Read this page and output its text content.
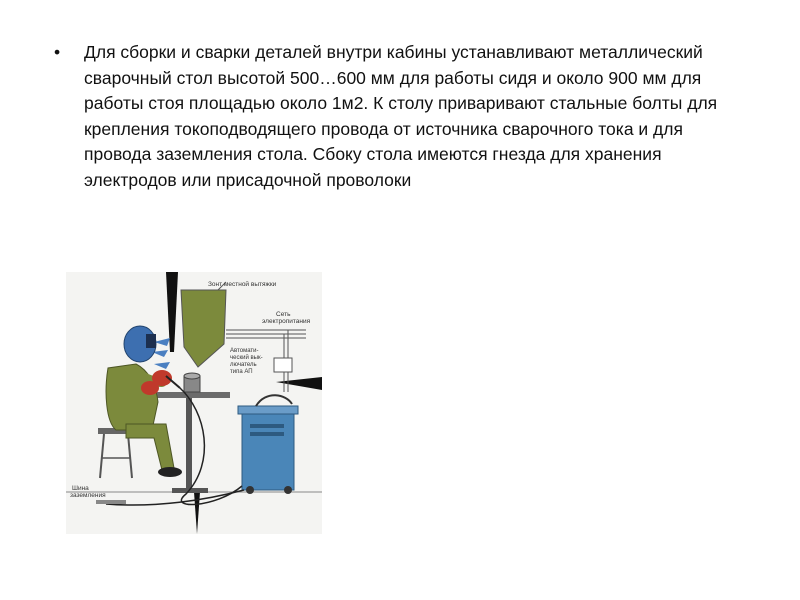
• Для сборки и сварки деталей внутри кабины устанавливают металлический сварочный стол высотой 500…600 мм для работы сидя и около 900 мм для работы стоя площадью около 1м2. К столу приваривают стальные болты для крепления токоподводящего провода от источника сварочного тока и для провода заземления стола. Сбоку стола имеются гнезда для хранения электродов или присадочной проволоки
Зонт местной вытяжки
Сеть
электропитания
Автомати-
ческий вык-
лючатель
типа АП
Шина
заземления
